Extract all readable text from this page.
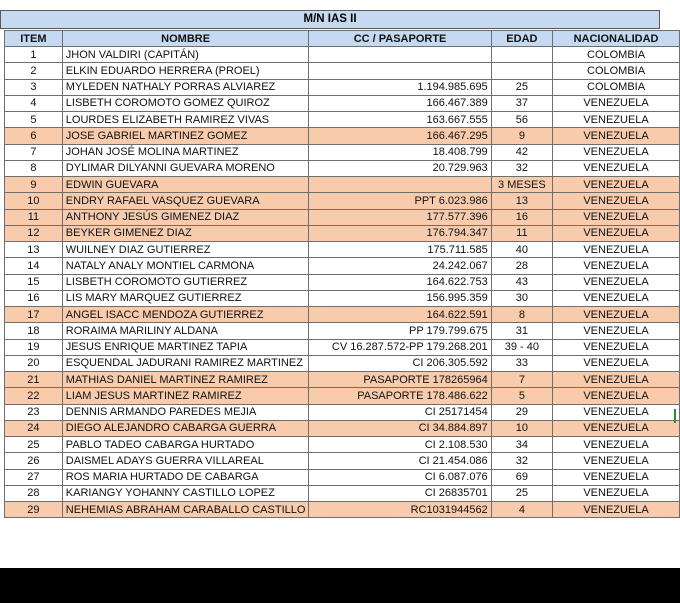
M/N IAS II
ITEM	NOMBRE	CC / PASAPORTE	EDAD	NACIONALIDAD
1	JHON VALDIRI (CAPITÁN)			COLOMBIA
2	ELKIN EDUARDO HERRERA (PROEL)			COLOMBIA
3	MYLEDEN NATHALY PORRAS ALVIAREZ	1.194.985.695	25	COLOMBIA
4	LISBETH COROMOTO GOMEZ QUIROZ	166.467.389	37	VENEZUELA
5	LOURDES ELIZABETH RAMIREZ VIVAS	163.667.555	56	VENEZUELA
6	JOSE GABRIEL MARTINEZ GOMEZ	166.467.295	9	VENEZUELA
7	JOHAN JOSÉ MOLINA MARTINEZ	18.408.799	42	VENEZUELA
8	DYLIMAR DILYANNI GUEVARA MORENO	20.729.963	32	VENEZUELA
9	EDWIN GUEVARA		3 MESES	VENEZUELA
10	ENDRY RAFAEL VASQUEZ GUEVARA	PPT 6.023.986	13	VENEZUELA
11	ANTHONY JESÚS GIMENEZ DIAZ	177.577.396	16	VENEZUELA
12	BEYKER GIMENEZ DIAZ	176.794.347	11	VENEZUELA
13	WUILNEY DIAZ GUTIERREZ	175.711.585	40	VENEZUELA
14	NATALY ANALY MONTIEL CARMONA	24.242.067	28	VENEZUELA
15	LISBETH COROMOTO GUTIERREZ	164.622.753	43	VENEZUELA
16	LIS MARY MARQUEZ GUTIERREZ	156.995.359	30	VENEZUELA
17	ANGEL ISACC MENDOZA GUTIERREZ	164.622.591	8	VENEZUELA
18	RORAIMA MARILINY ALDANA	PP 179.799.675	31	VENEZUELA
19	JESUS ENRIQUE MARTINEZ TAPIA	CV 16.287.572-PP 179.268.201	39 - 40	VENEZUELA
20	ESQUENDAL JADURANI RAMIREZ MARTINEZ	CI 206.305.592	33	VENEZUELA
21	MATHIAS DANIEL MARTINEZ RAMIREZ	PASAPORTE 178265964	7	VENEZUELA
22	LIAM JESUS MARTINEZ RAMIREZ	PASAPORTE 178.486.622	5	VENEZUELA
23	DENNIS ARMANDO PAREDES MEJIA	CI 25171454	29	VENEZUELA
24	DIEGO ALEJANDRO CABARGA GUERRA	CI 34.884.897	10	VENEZUELA
25	PABLO TADEO CABARGA HURTADO	CI 2.108.530	34	VENEZUELA
26	DAISMEL ADAYS GUERRA VILLAREAL	CI 21.454.086	32	VENEZUELA
27	ROS MARIA HURTADO DE CABARGA	CI 6.087.076	69	VENEZUELA
28	KARIANGY YOHANNY CASTILLO LOPEZ	CI 26835701	25	VENEZUELA
29	NEHEMIAS ABRAHAM CARABALLO CASTILLO	RC1031944562	4	VENEZUELA
